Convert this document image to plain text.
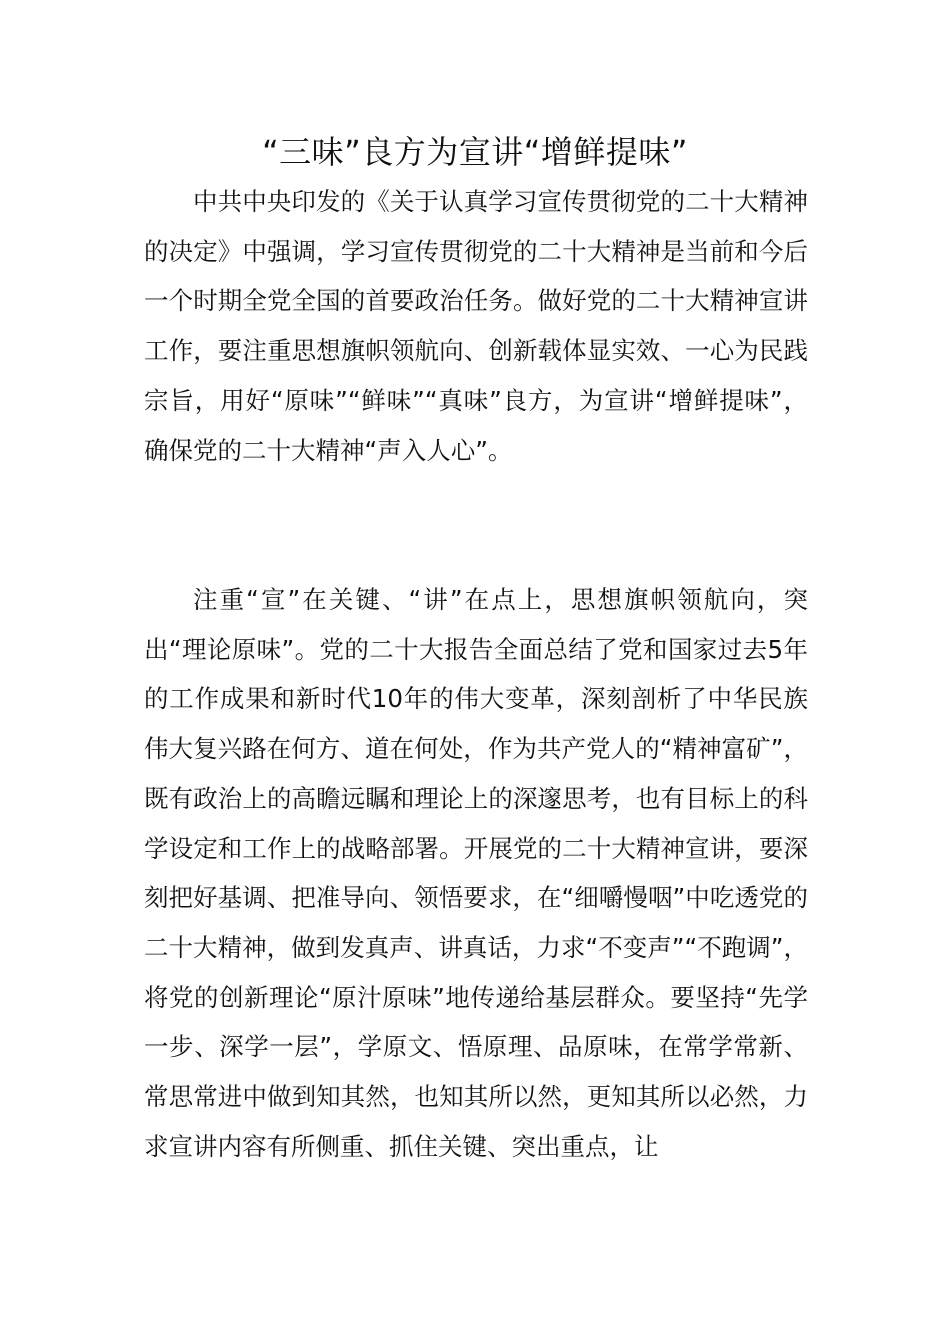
“三味”良方为宣讲“增鲜提味”

中共中央印发的《关于认真学习宣传贯彻党的二十大精神的决定》中强调，学习宣传贯彻党的二十大精神是当前和今后一个时期全党全国的首要政治任务。做好党的二十大精神宣讲工作，要注重思想旗帜领航向、创新载体显实效、一心为民践宗旨，用好“原味”“鲜味”“真味”良方，为宣讲“增鲜提味”，确保党的二十大精神“声入人心”。

注重“宣”在关键、“讲”在点上，思想旗帜领航向，突出“理论原味”。党的二十大报告全面总结了党和国家过去5年的工作成果和新时代10年的伟大变革，深刻剖析了中华民族伟大复兴路在何方、道在何处，作为共产党人的“精神富矿”，既有政治上的高瞻远瞩和理论上的深邃思考，也有目标上的科学设定和工作上的战略部署。开展党的二十大精神宣讲，要深刻把好基调、把准导向、领悟要求，在“细嚼慢咽”中吃透党的二十大精神，做到发真声、讲真话，力求“不变声”“不跑调”，将党的创新理论“原汁原味”地传递给基层群众。要坚持“先学一步、深学一层”，学原文、悟原理、品原味，在常学常新、常思常进中做到知其然，也知其所以然，更知其所以必然，力求宣讲内容有所侧重、抓住关键、突出重点，让
